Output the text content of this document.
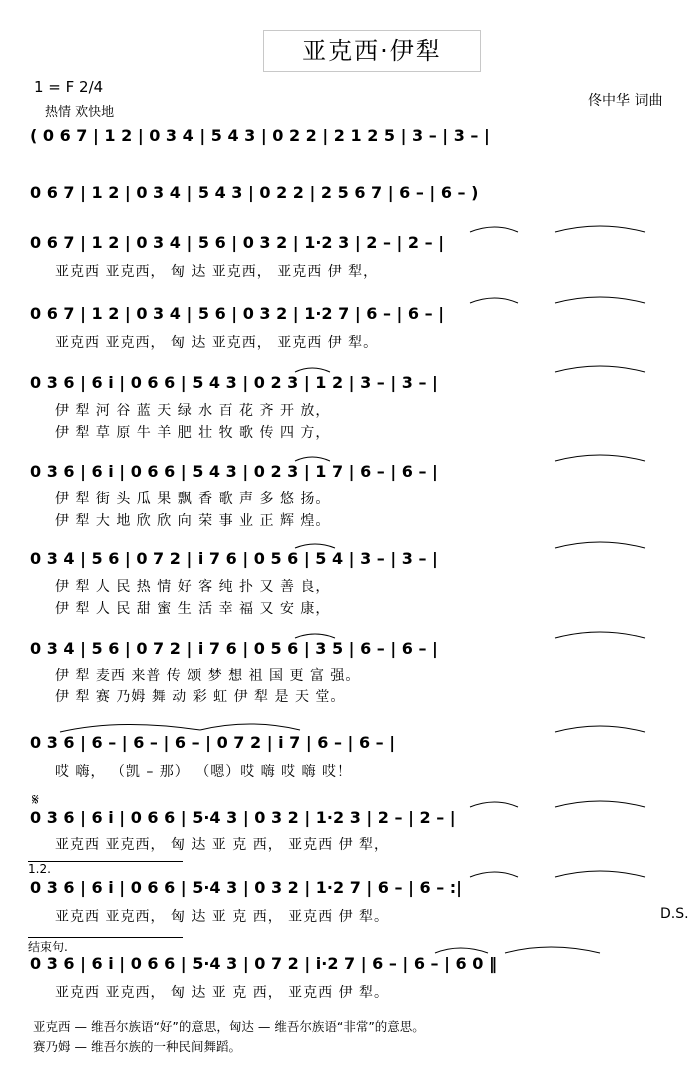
亚克西·伊犁
1 = F 2/4
热情 欢快地
佟中华 词曲
( 0 6 7 | 1 2 | 0 3 4 | 5 4 3 | 0 2 2 | 2 1 2 5 | 3 – | 3 – |
0 6 7 | 1 2 | 0 3 4 | 5 4 3 | 0 2 2 | 2 5 6 7 | 6 – | 6 – )
0 6 7 | 1 2 | 0 3 4 | 5 6 | 0 3 2 | 1·2 3 | 2 – | 2 – |
亚克西 亚克西， 匈 达 亚克西， 亚克西 伊 犁，
0 6 7 | 1 2 | 0 3 4 | 5 6 | 0 3 2 | 1·2 7 | 6 – | 6 – |
亚克西 亚克西， 匈 达 亚克西， 亚克西 伊 犁。
0 3 6 | 6 i | 0 6 6 | 5 4 3 | 0 2 3 | 1 2 | 3 – | 3 – |
伊 犁 河 谷 蓝 天 绿 水 百 花 齐 开 放，
伊 犁 草 原 牛 羊 肥 壮 牧 歌 传 四 方，
0 3 6 | 6 i | 0 6 6 | 5 4 3 | 0 2 3 | 1 7 | 6 – | 6 – |
伊 犁 街 头 瓜 果 飘 香 歌 声 多 悠 扬。
伊 犁 大 地 欣 欣 向 荣 事 业 正 辉 煌。
0 3 4 | 5 6 | 0 7 2 | i 7 6 | 0 5 6 | 5 4 | 3 – | 3 – |
伊 犁 人 民 热 情 好 客 纯 扑 又 善 良，
伊 犁 人 民 甜 蜜 生 活 幸 福 又 安 康，
0 3 4 | 5 6 | 0 7 2 | i 7 6 | 0 5 6 | 3 5 | 6 – | 6 – |
伊 犁 麦西 来普 传 颂 梦 想 祖 国 更 富 强。
伊 犁 赛 乃姆 舞 动 彩 虹 伊 犁 是 天 堂。
0 3 6 | 6 – | 6 – | 6 – | 0 7 2 | i 7 | 6 – | 6 – |
哎 嗨， （凯 – 那） （嗯）哎 嗨 哎 嗨 哎！
𝄋
0 3 6 | 6 i | 0 6 6 | 5·4 3 | 0 3 2 | 1·2 3 | 2 – | 2 – |
亚克西 亚克西， 匈 达 亚 克 西， 亚克西 伊 犁，
1.2.
0 3 6 | 6 i | 0 6 6 | 5·4 3 | 0 3 2 | 1·2 7 | 6 – | 6 – :|
亚克西 亚克西， 匈 达 亚 克 西， 亚克西 伊 犁。	D.S.
结束句.
0 3 6 | 6 i | 0 6 6 | 5·4 3 | 0 7 2 | i·2 7 | 6 – | 6 – | 6 0 ‖
亚克西 亚克西， 匈 达 亚 克 西， 亚克西 伊 犁。
亚克西 — 维吾尔族语“好”的意思，匈达 — 维吾尔族语“非常”的意思。
赛乃姆 — 维吾尔族的一种民间舞蹈。
